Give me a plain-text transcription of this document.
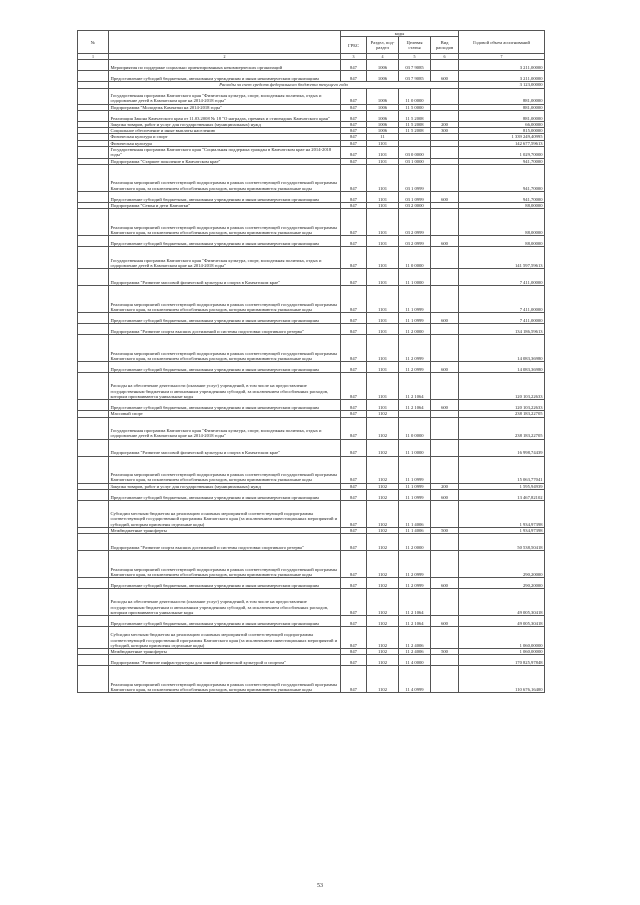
№		коды				Годовой объем ассигнований
		ГРБС	Раздел, под-раздел	Целевая статья	Вид расходов	
1	2	3	4	5	6	7
	Мероприятия по поддержке социально ориентированных некоммерческих организаций	847	1006	03 7 9085		3 211,00000
	Предоставление субсидий бюджетным, автономным учреждениям и иным некоммерческим организациям	847	1006	03 7 9085	600	3 211,00000
	Расходы за счет средств федерального бюджета текущего года					3 123,00000
	Государственная программа Камчатского края "Физическая культура, спорт, молодежная политика, отдых и оздоровление детей в Камчатском крае на 2014-2018 годы"	847	1006	11 0 0000		881,00000
	Подпрограмма "Молодежь Камчатки на 2014-2018 годы"	847	1006	11 5 0000		881,00000
	Реализация Закона Камчатского края от 11.03.2008 № 18 "О наградах, премиях и стипендиях Камчатского края"	847	1006	11 5 2008		881,00000
	Закупка товаров, работ и услуг для государственных (муниципальных) нужд	847	1006	11 5 2008	200	66,00000
	Социальное обеспечение и иные выплаты населению	847	1006	11 5 2008	300	815,00000
	Физическая культура и спорт	847	11			1 339 249,40995
	Физическая культура	847	1101			142 677,59613
	Государственная программа Камчатского края "Социальная поддержка граждан в Камчатском крае на 2014-2018 годы"	847	1101	03 0 0000		1 029,70000
	Подпрограмма "Старшее поколение в Камчатском крае"	847	1101	03 1 0000		941,70000
	Реализация мероприятий соответствующей подпрограммы в рамках соответствующей государственной программы Камчатского края, за исключением обособленных расходов, которым присваиваются уникальные коды	847	1101	03 1 0999		941,70000
	Предоставление субсидий бюджетным, автономным учреждениям и иным некоммерческим организациям	847	1101	03 1 0999	600	941,70000
	Подпрограмма "Семья и дети Камчатки"	847	1101	03 2 0000		88,00000
	Реализация мероприятий соответствующей подпрограммы в рамках соответствующей государственной программы Камчатского края, за исключением обособленных расходов, которым присваиваются уникальные коды	847	1101	03 2 0999		88,00000
	Предоставление субсидий бюджетным, автономным учреждениям и иным некоммерческим организациям	847	1101	03 2 0999	600	88,00000
	Государственная программа Камчатского края "Физическая культура, спорт, молодежная политика, отдых и оздоровление детей в Камчатском крае на 2014-2018 годы"	847	1101	11 0 0000		141 597,59613
	Подпрограмма "Развитие массовой физической культуры и спорта в Камчатском крае"	847	1101	11 1 0000		7 411,00000
	Реализация мероприятий соответствующей подпрограммы в рамках соответствующей государственной программы Камчатского края, за исключением обособленных расходов, которым присваиваются уникальные коды	847	1101	11 1 0999		7 411,00000
	Предоставление субсидий бюджетным, автономным учреждениям и иным некоммерческим организациям	847	1101	11 1 0999	600	7 411,00000
	Подпрограмма "Развитие спорта высших достижений и системы подготовки спортивного резерва"	847	1101	11 2 0000		134 186,59613
	Реализация мероприятий соответствующей подпрограммы в рамках соответствующей государственной программы Камчатского края, за исключением обособленных расходов, которым присваиваются уникальные коды	847	1101	11 2 0999		14 083,36980
	Предоставление субсидий бюджетным, автономным учреждениям и иным некоммерческим организациям	847	1101	11 2 0999	600	14 083,36980
	Расходы на обеспечение деятельности (оказание услуг) учреждений, в том числе на предоставление государственным бюджетным и автономным учреждениям субсидий, за исключением обособленных расходов, которым присваиваются уникальные коды	847	1101	11 2 1064		120 103,22633
	Предоставление субсидий бюджетным, автономным учреждениям и иным некоммерческим организациям	847	1101	11 2 1064	600	120 103,22633
	Массовый спорт	847	1102			238 183,22705
	Государственная программа Камчатского края "Физическая культура, спорт, молодежная политика, отдых и оздоровление детей в Камчатском крае на 2014-2018 годы"	847	1102	11 0 0000		238 183,22705
	Подпрограмма "Развитие массовой физической культуры и спорта в Камчатском крае"	847	1102	11 1 0000		16 998,74439
	Реализация мероприятий соответствующей подпрограммы в рамках соответствующей государственной программы Камчатского края, за исключением обособленных расходов, которым присваиваются уникальные коды	847	1102	11 1 0999		15 063,77041
	Закупка товаров, работ и услуг для государственных (муниципальных) нужд	847	1102	11 1 0999	200	1 595,94939
	Предоставление субсидий бюджетным, автономным учреждениям и иным некоммерческим организациям	847	1102	11 1 0999	600	13 467,82102
	Субсидии местным бюджетам на реализацию основных мероприятий соответствующей подпрограммы соответствующей государственной программы Камчатского края (за исключением инвестиционных мероприятий и субсидий, которым присвоены отдельные коды)	847	1102	11 1 4006		1 934,97398
	Межбюджетные трансферты	847	1102	11 1 4006	500	1 934,97398
	Подпрограмма "Развитие спорта высших достижений и системы подготовки спортивного резерва"	847	1102	11 2 0000		50 538,50418
	Реализация мероприятий соответствующей подпрограммы в рамках соответствующей государственной программы Камчатского края, за исключением обособленных расходов, которым присваиваются уникальные коды	847	1102	11 2 0999		290,20000
	Предоставление субсидий бюджетным, автономным учреждениям и иным некоммерческим организациям	847	1102	11 2 0999	600	290,20000
	Расходы на обеспечение деятельности (оказание услуг) учреждений, в том числе на предоставление государственным бюджетным и автономным учреждениям субсидий, за исключением обособленных расходов, которым присваиваются уникальные коды	847	1102	11 2 1064		49 005,30418
	Предоставление субсидий бюджетным, автономным учреждениям и иным некоммерческим организациям	847	1102	11 2 1064	600	49 005,30418
	Субсидии местным бюджетам на реализацию основных мероприятий соответствующей подпрограммы соответствующей государственной программы Камчатского края (за исключением инвестиционных мероприятий и субсидий, которым присвоены отдельные коды)	847	1102	11 2 4006		1 060,00000
	Межбюджетные трансферты	847	1102	11 2 4006	500	1 060,00000
	Подпрограмма "Развитие инфраструктуры для занятий физической культурой и спортом"	847	1102	11 4 0000		170 825,97848
	Реализация мероприятий соответствующей подпрограммы в рамках соответствующей государственной программы Камчатского края, за исключением обособленных расходов, которым присваиваются уникальные коды	847	1102	11 4 0999		110 676,16400
53
